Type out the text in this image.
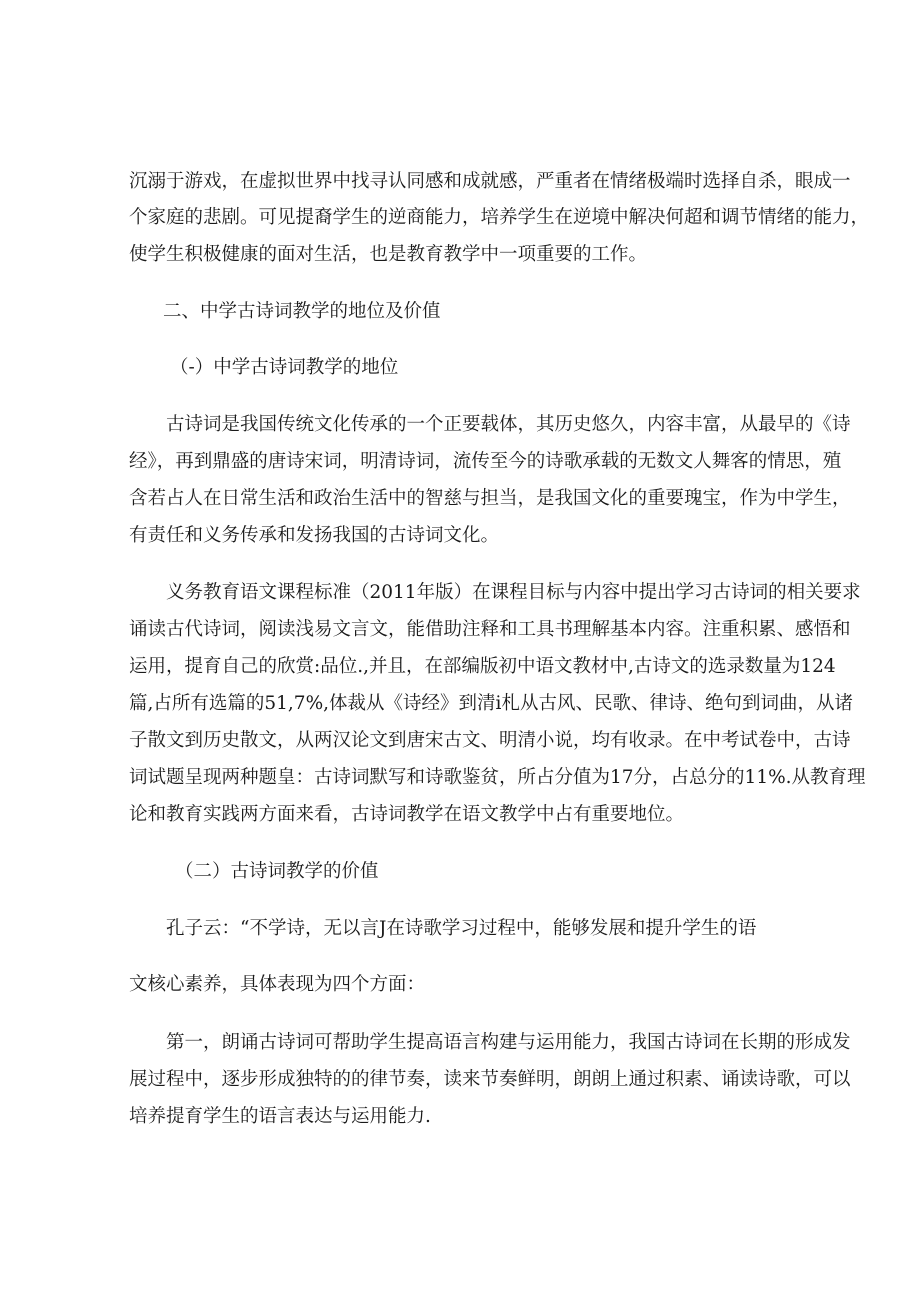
沉溺于游戏，在虚拟世界中找寻认同感和成就感，严重者在情绪极端时选择自杀，眼成一
个家庭的悲剧。可见提裔学生的逆商能力，培养学生在逆境中解决何超和调节情绪的能力，
使学生积极健康的面对生活，也是教育教学中一项重要的工作。
二、中学古诗词教学的地位及价值
（-）中学古诗词教学的地位
古诗词是我国传统文化传承的一个正要载体，其历史悠久，内容丰富，从最早的《诗
经》，再到鼎盛的唐诗宋词，明清诗词，流传至今的诗歌承载的无数文人舞客的情思，殖
含若占人在日常生活和政治生活中的智慈与担当，是我国文化的重要瑰宝，作为中学生，
有责任和义务传承和发扬我国的古诗词文化。
义务教育语文课程标准（2011年版）在课程目标与内容中提出学习古诗词的相关要求
诵读古代诗词，阅读浅易文言文，能借助注释和工具书理解基本内容。注重积累、感悟和
运用，提育自己的欣赏:品位.,并且，在部编版初中语文教材中,古诗文的选录数量为124
篇,占所有选篇的51,7%,体裁从《诗经》到清i札从古风、民歌、律诗、绝句到词曲，从诸
子散文到历史散文，从两汉论文到唐宋古文、明清小说，均有收录。在中考试卷中，古诗
词试题呈现两种题皇：古诗词默写和诗歌鉴贫，所占分值为17分，占总分的11%.从教育理
论和教育实践两方面来看，古诗词教学在语文教学中占有重要地位。
（二）古诗词教学的价值
孔子云：“不学诗，无以言J在诗歌学习过程中，能够发展和提升学生的语
文核心素养，具体表现为四个方面：
第一，朗诵古诗词可帮助学生提高语言构建与运用能力，我国古诗词在长期的形成发
展过程中，逐步形成独特的的律节奏，读来节奏鲜明，朗朗上通过积素、诵读诗歌，可以
培养提育学生的语言表达与运用能力.
